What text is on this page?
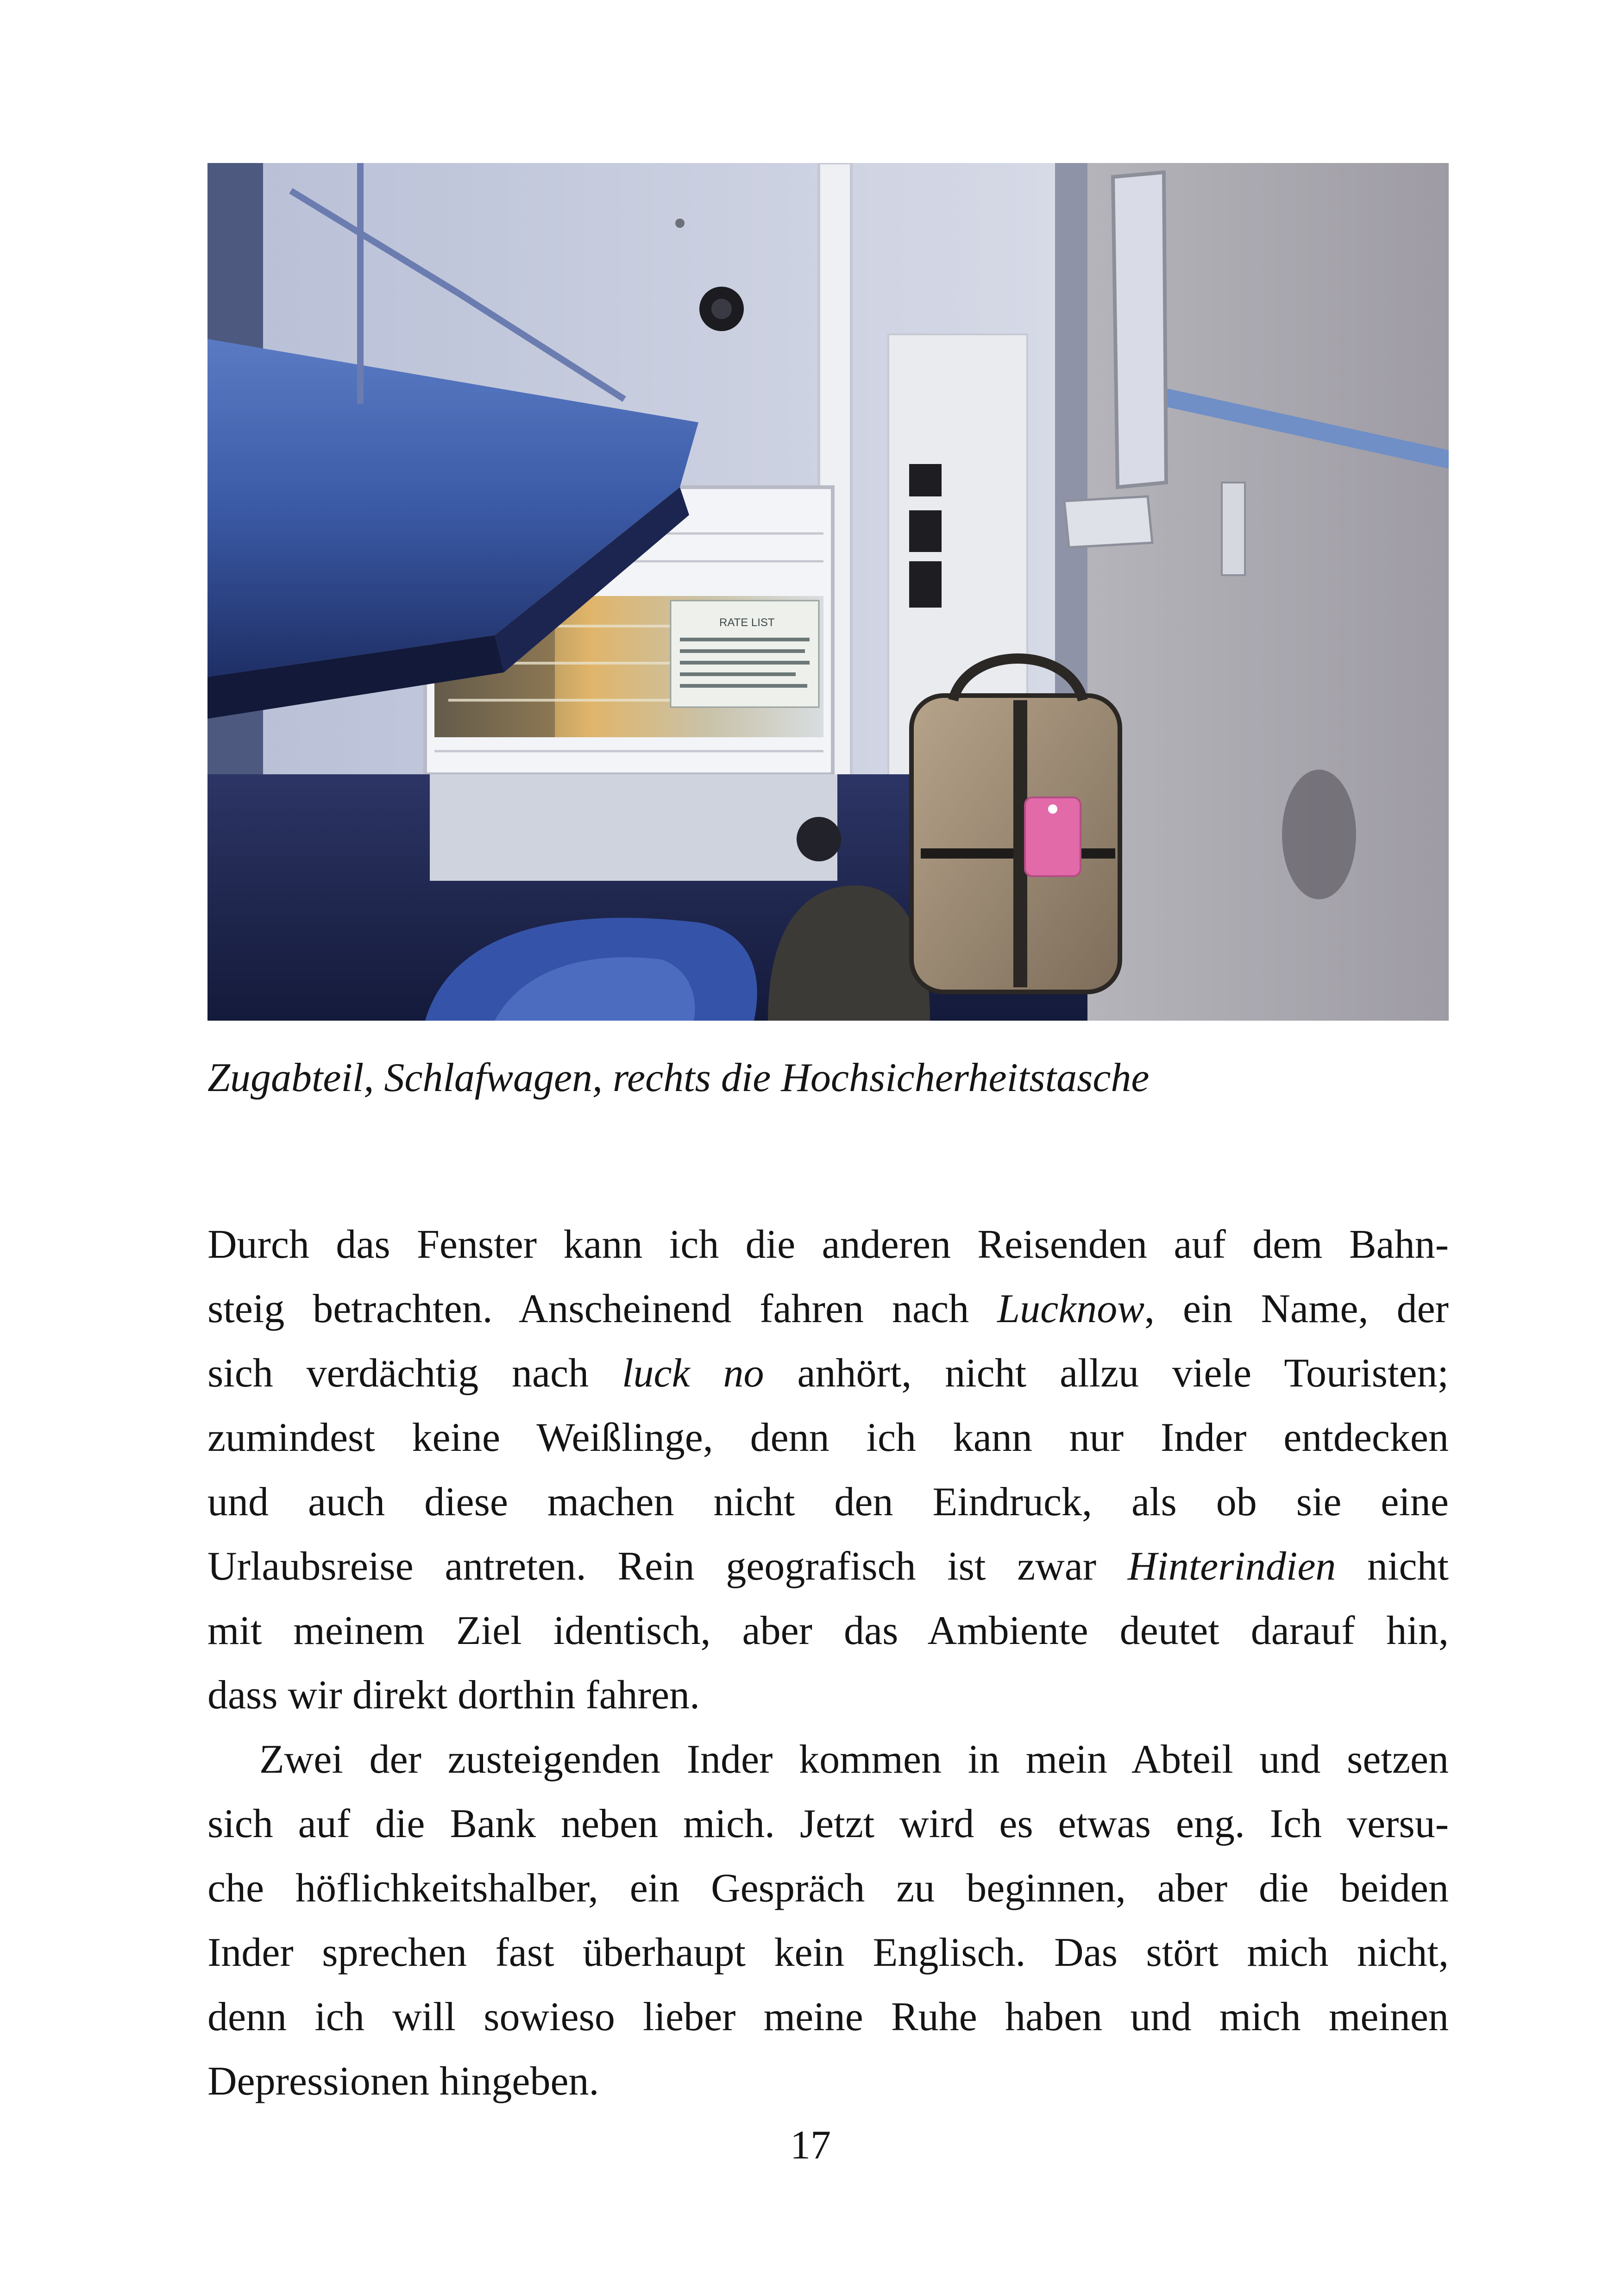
RATE LIST
Zugabteil, Schlafwagen, rechts die Hochsicherheitstasche
Durch das Fenster kann ich die anderen Reisenden auf dem Bahn-
steig betrachten. Anscheinend fahren nach Lucknow, ein Name, der
sich verdächtig nach luck no anhört, nicht allzu viele Touristen;
zumindest keine Weißlinge, denn ich kann nur Inder entdecken
und auch diese machen nicht den Eindruck, als ob sie eine
Urlaubsreise antreten. Rein geografisch ist zwar Hinterindien nicht
mit meinem Ziel identisch, aber das Ambiente deutet darauf hin,
dass wir direkt dorthin fahren.
Zwei der zusteigenden Inder kommen in mein Abteil und setzen
sich auf die Bank neben mich. Jetzt wird es etwas eng. Ich versu-
che höflichkeitshalber, ein Gespräch zu beginnen, aber die beiden
Inder sprechen fast überhaupt kein Englisch. Das stört mich nicht,
denn ich will sowieso lieber meine Ruhe haben und mich meinen
Depressionen hingeben.
17
